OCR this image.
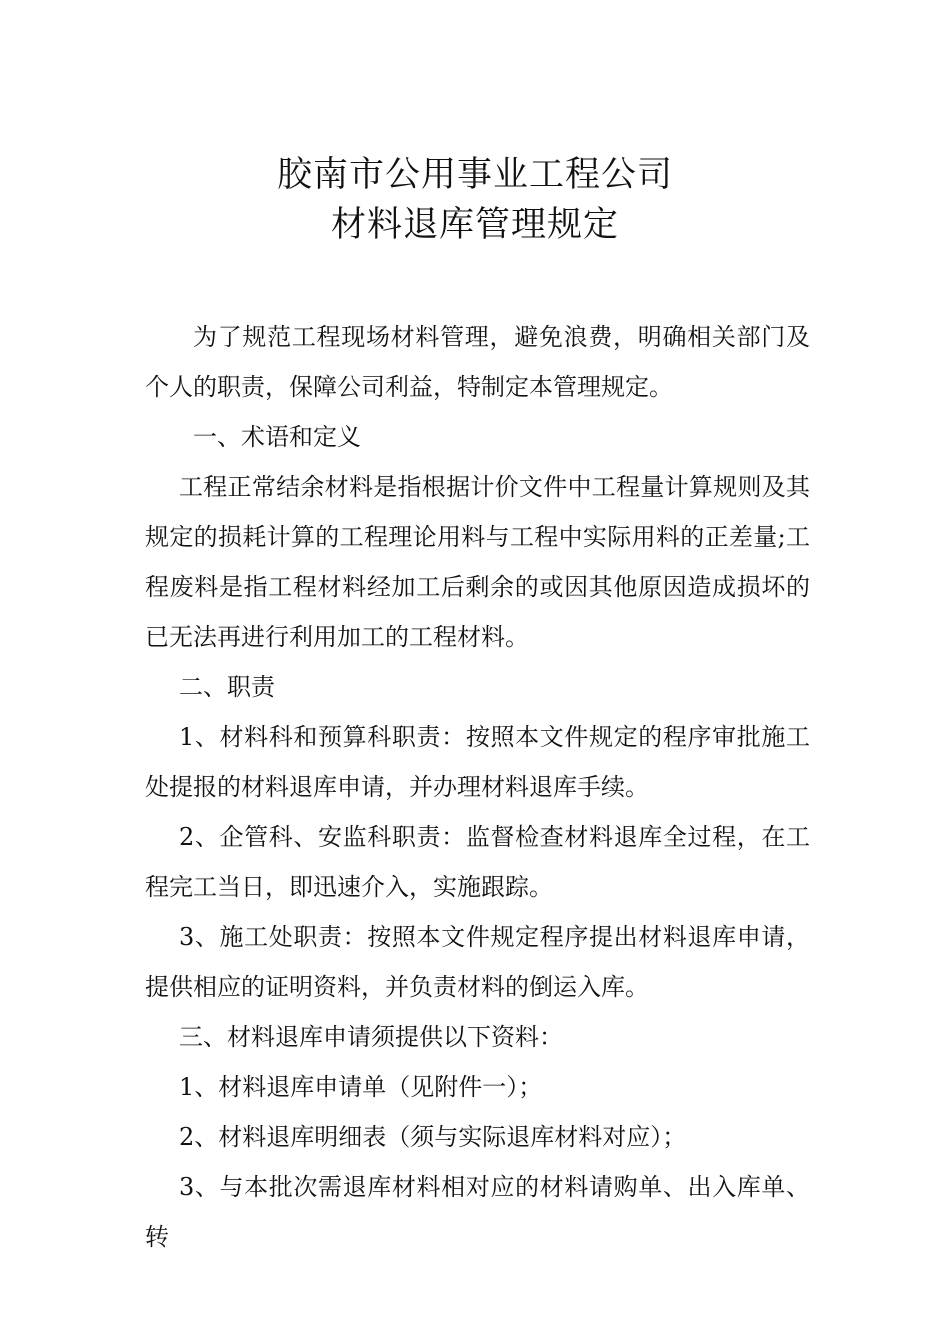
胶南市公用事业工程公司
材料退库管理规定

为了规范工程现场材料管理，避免浪费，明确相关部门及个人的职责，保障公司利益，特制定本管理规定。

一、术语和定义

工程正常结余材料是指根据计价文件中工程量计算规则及其规定的损耗计算的工程理论用料与工程中实际用料的正差量;工程废料是指工程材料经加工后剩余的或因其他原因造成损坏的已无法再进行利用加工的工程材料。

二、职责

1、材料科和预算科职责：按照本文件规定的程序审批施工处提报的材料退库申请，并办理材料退库手续。

2、企管科、安监科职责：监督检查材料退库全过程，在工程完工当日，即迅速介入，实施跟踪。

3、施工处职责：按照本文件规定程序提出材料退库申请，提供相应的证明资料，并负责材料的倒运入库。

三、材料退库申请须提供以下资料：

1、材料退库申请单（见附件一）；

2、材料退库明细表（须与实际退库材料对应）；

3、与本批次需退库材料相对应的材料请购单、出入库单、转
